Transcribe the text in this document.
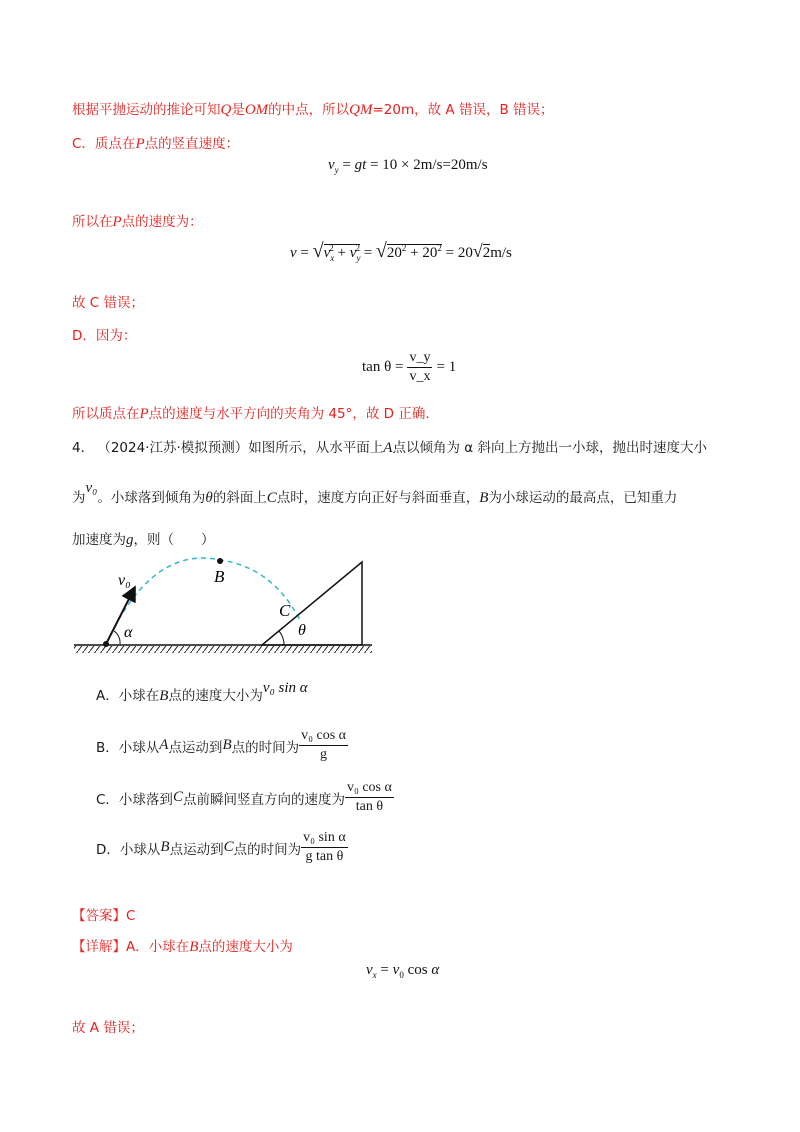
根据平抛运动的推论可知Q是OM的中点，所以QM=20m，故 A 错误，B 错误；
C．质点在P点的竖直速度：
$v_y$ = gt = 10 × 2m/s=20m/s
所以在P点的速度为：
$v = √v_x^2 + v_y^2 = √20^2 + 20^2 = 20√2m/s$
故 C 错误；
D．因为：
$\tan \theta = \frac{v\_y}{v\_x} = 1$
所以质点在P点的速度与水平方向的夹角为 45°，故 D 正确.
4． （2024·江苏·模拟预测）如图所示，从水平面上A点以倾角为 α 斜向上方抛出一小球，抛出时速度大小
为v₀。小球落到倾角为θ的斜面上C点时，速度方向正好与斜面垂直，B为小球运动的最高点，已知重力
加速度为g，则（　　）
v₀
α
B
C
θ
A．小球在B点的速度大小为v₀ sin α
B．小球从 A 点运动到 B 点的时间为 $\frac{\text{v₀ cos α}}{g}$
C．小球落到 C 点前瞬间竖直方向的速度为 $\frac{\text{v₀ cos α}}{\text{tan θ}}$
D．小球从 B 点运动到 C 点的时间为 $\frac{\text{v₀ sin α}}{\text{g tan θ}}$
【答案】C
【详解】A．小球在B点的速度大小为
$v_x = v_0$ cos α
故 A 错误；
